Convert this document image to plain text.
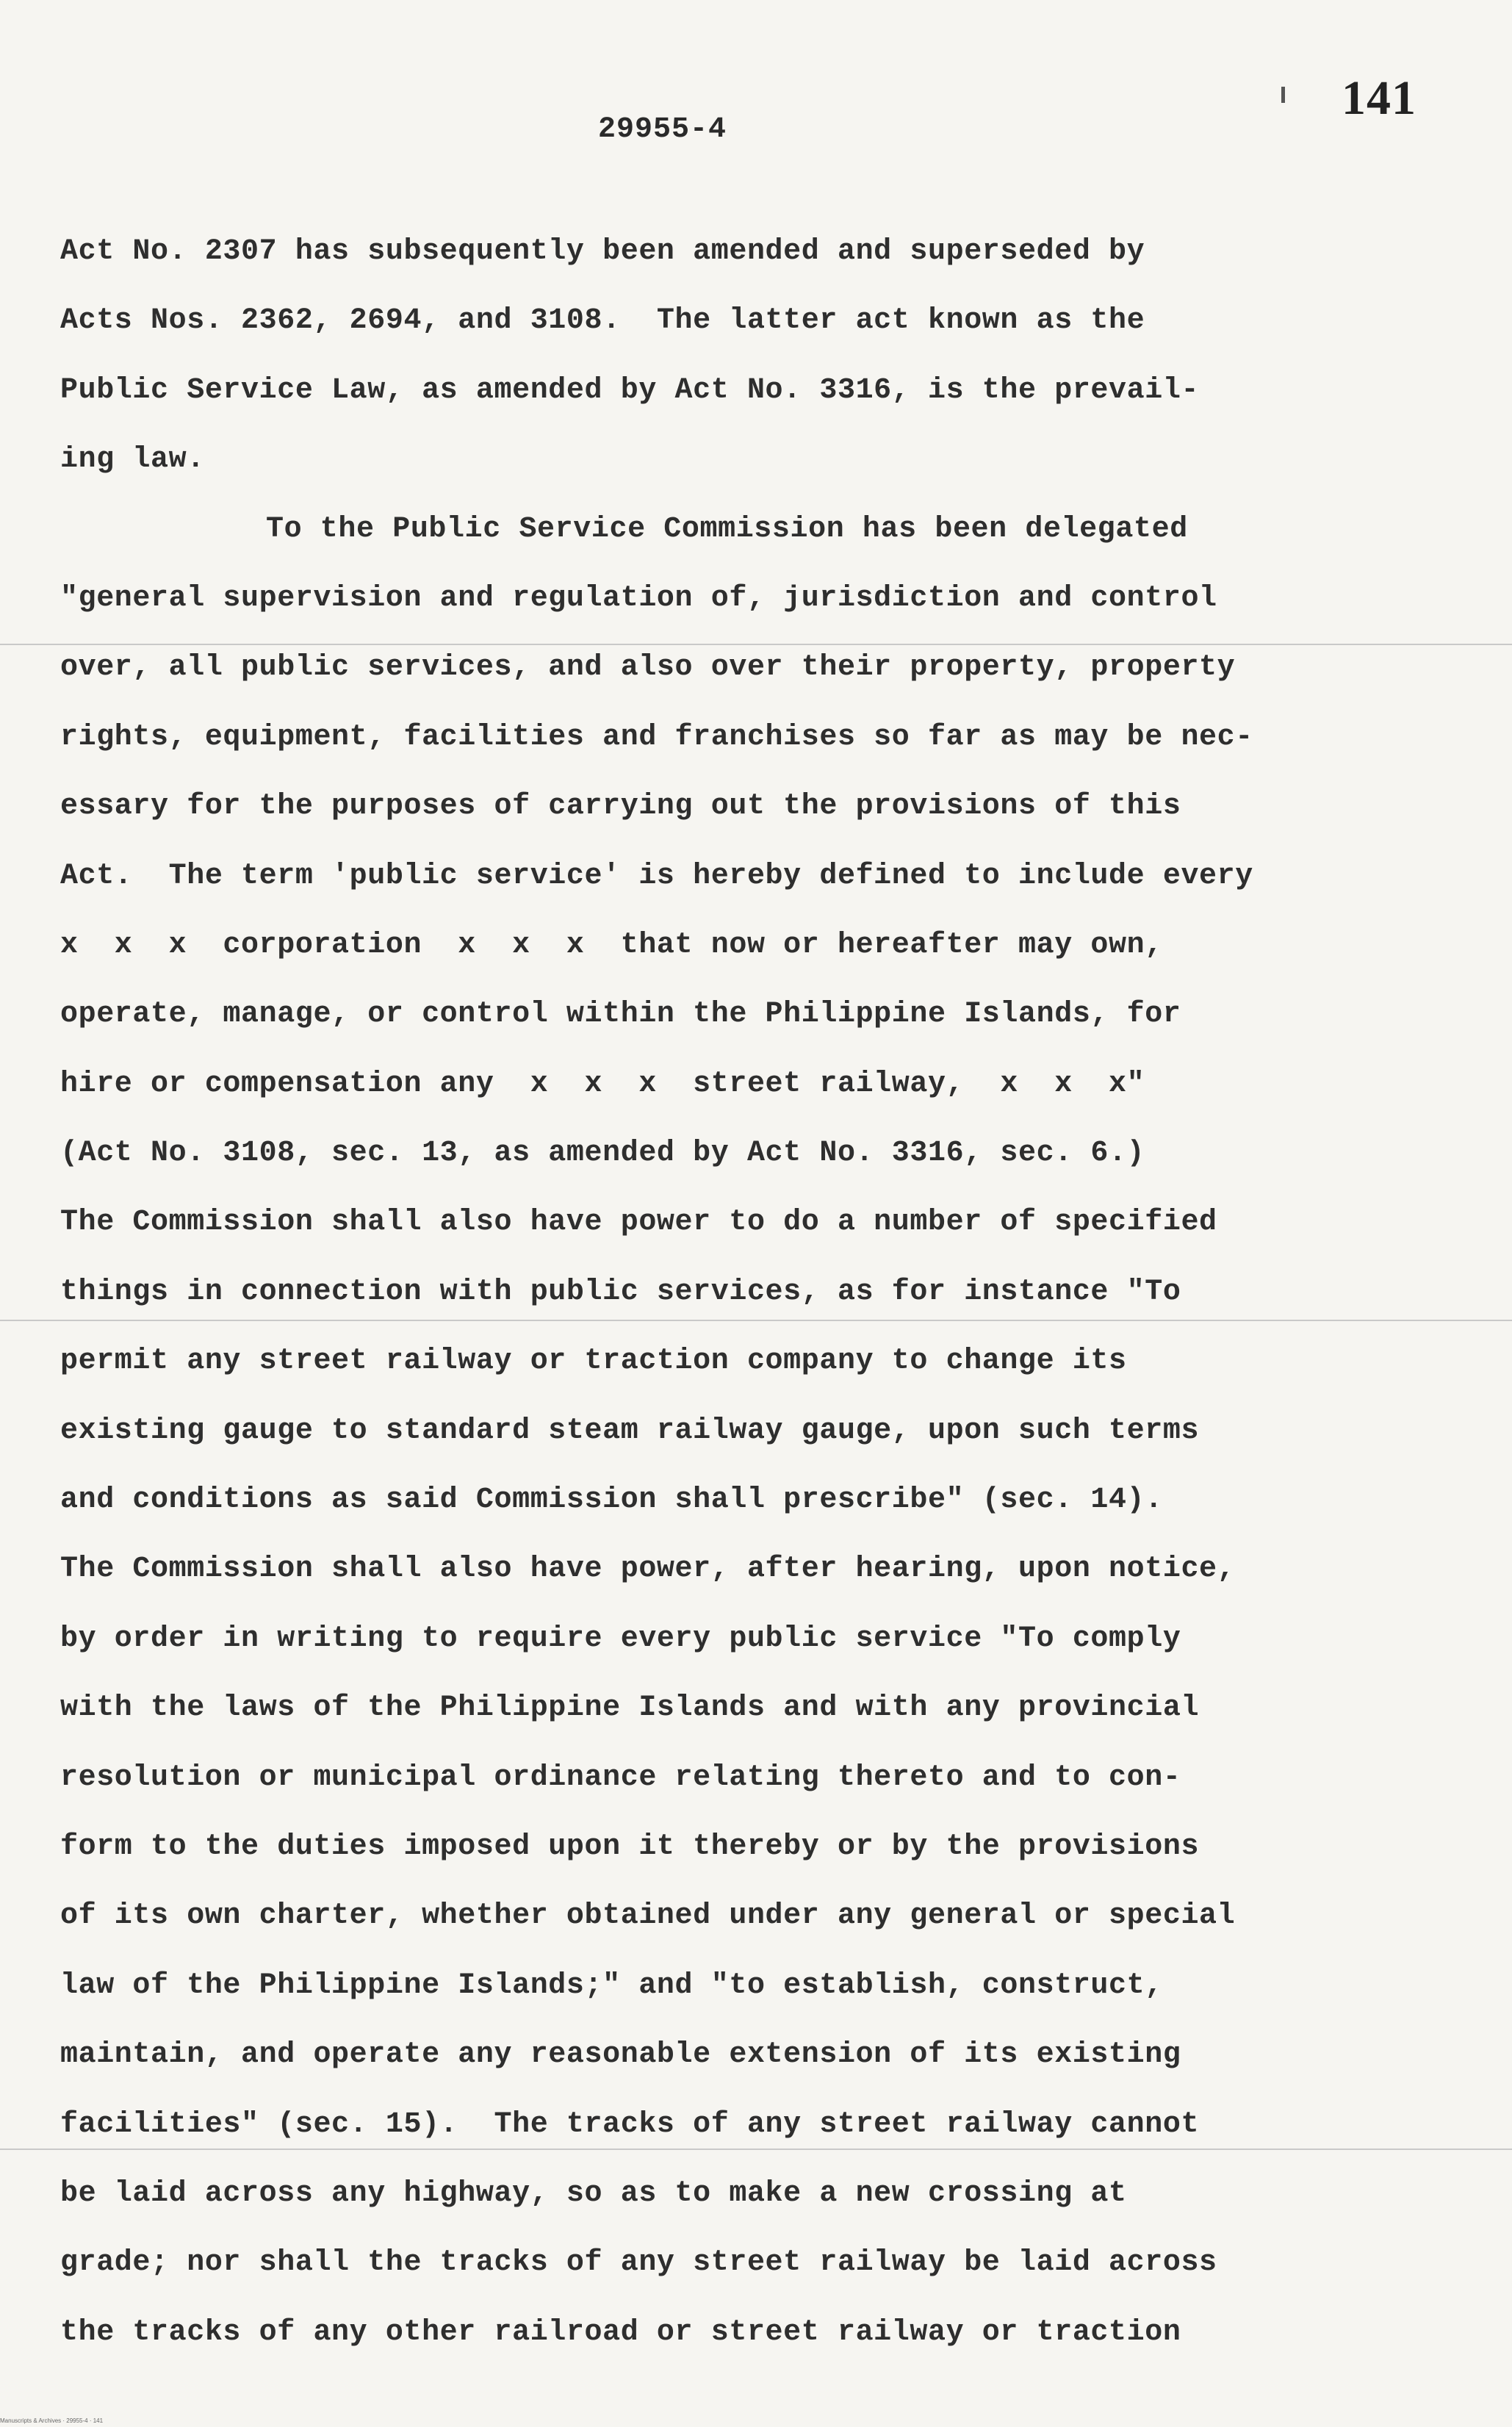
141
29955-4
Act No. 2307 has subsequently been amended and superseded by
Acts Nos. 2362, 2694, and 3108.  The latter act known as the
Public Service Law, as amended by Act No. 3316, is the prevail-
ing law.
To the Public Service Commission has been delegated
"general supervision and regulation of, jurisdiction and control
over, all public services, and also over their property, property
rights, equipment, facilities and franchises so far as may be nec-
essary for the purposes of carrying out the provisions of this
Act.  The term 'public service' is hereby defined to include every
x  x  x  corporation  x  x  x  that now or hereafter may own,
operate, manage, or control within the Philippine Islands, for
hire or compensation any  x  x  x  street railway,  x  x  x"
(Act No. 3108, sec. 13, as amended by Act No. 3316, sec. 6.)
The Commission shall also have power to do a number of specified
things in connection with public services, as for instance "To
permit any street railway or traction company to change its
existing gauge to standard steam railway gauge, upon such terms
and conditions as said Commission shall prescribe" (sec. 14).
The Commission shall also have power, after hearing, upon notice,
by order in writing to require every public service "To comply
with the laws of the Philippine Islands and with any provincial
resolution or municipal ordinance relating thereto and to con-
form to the duties imposed upon it thereby or by the provisions
of its own charter, whether obtained under any general or special
law of the Philippine Islands;" and "to establish, construct,
maintain, and operate any reasonable extension of its existing
facilities" (sec. 15).  The tracks of any street railway cannot
be laid across any highway, so as to make a new crossing at
grade; nor shall the tracks of any street railway be laid across
the tracks of any other railroad or street railway or traction
Manuscripts & Archives · 29955-4 · 141
